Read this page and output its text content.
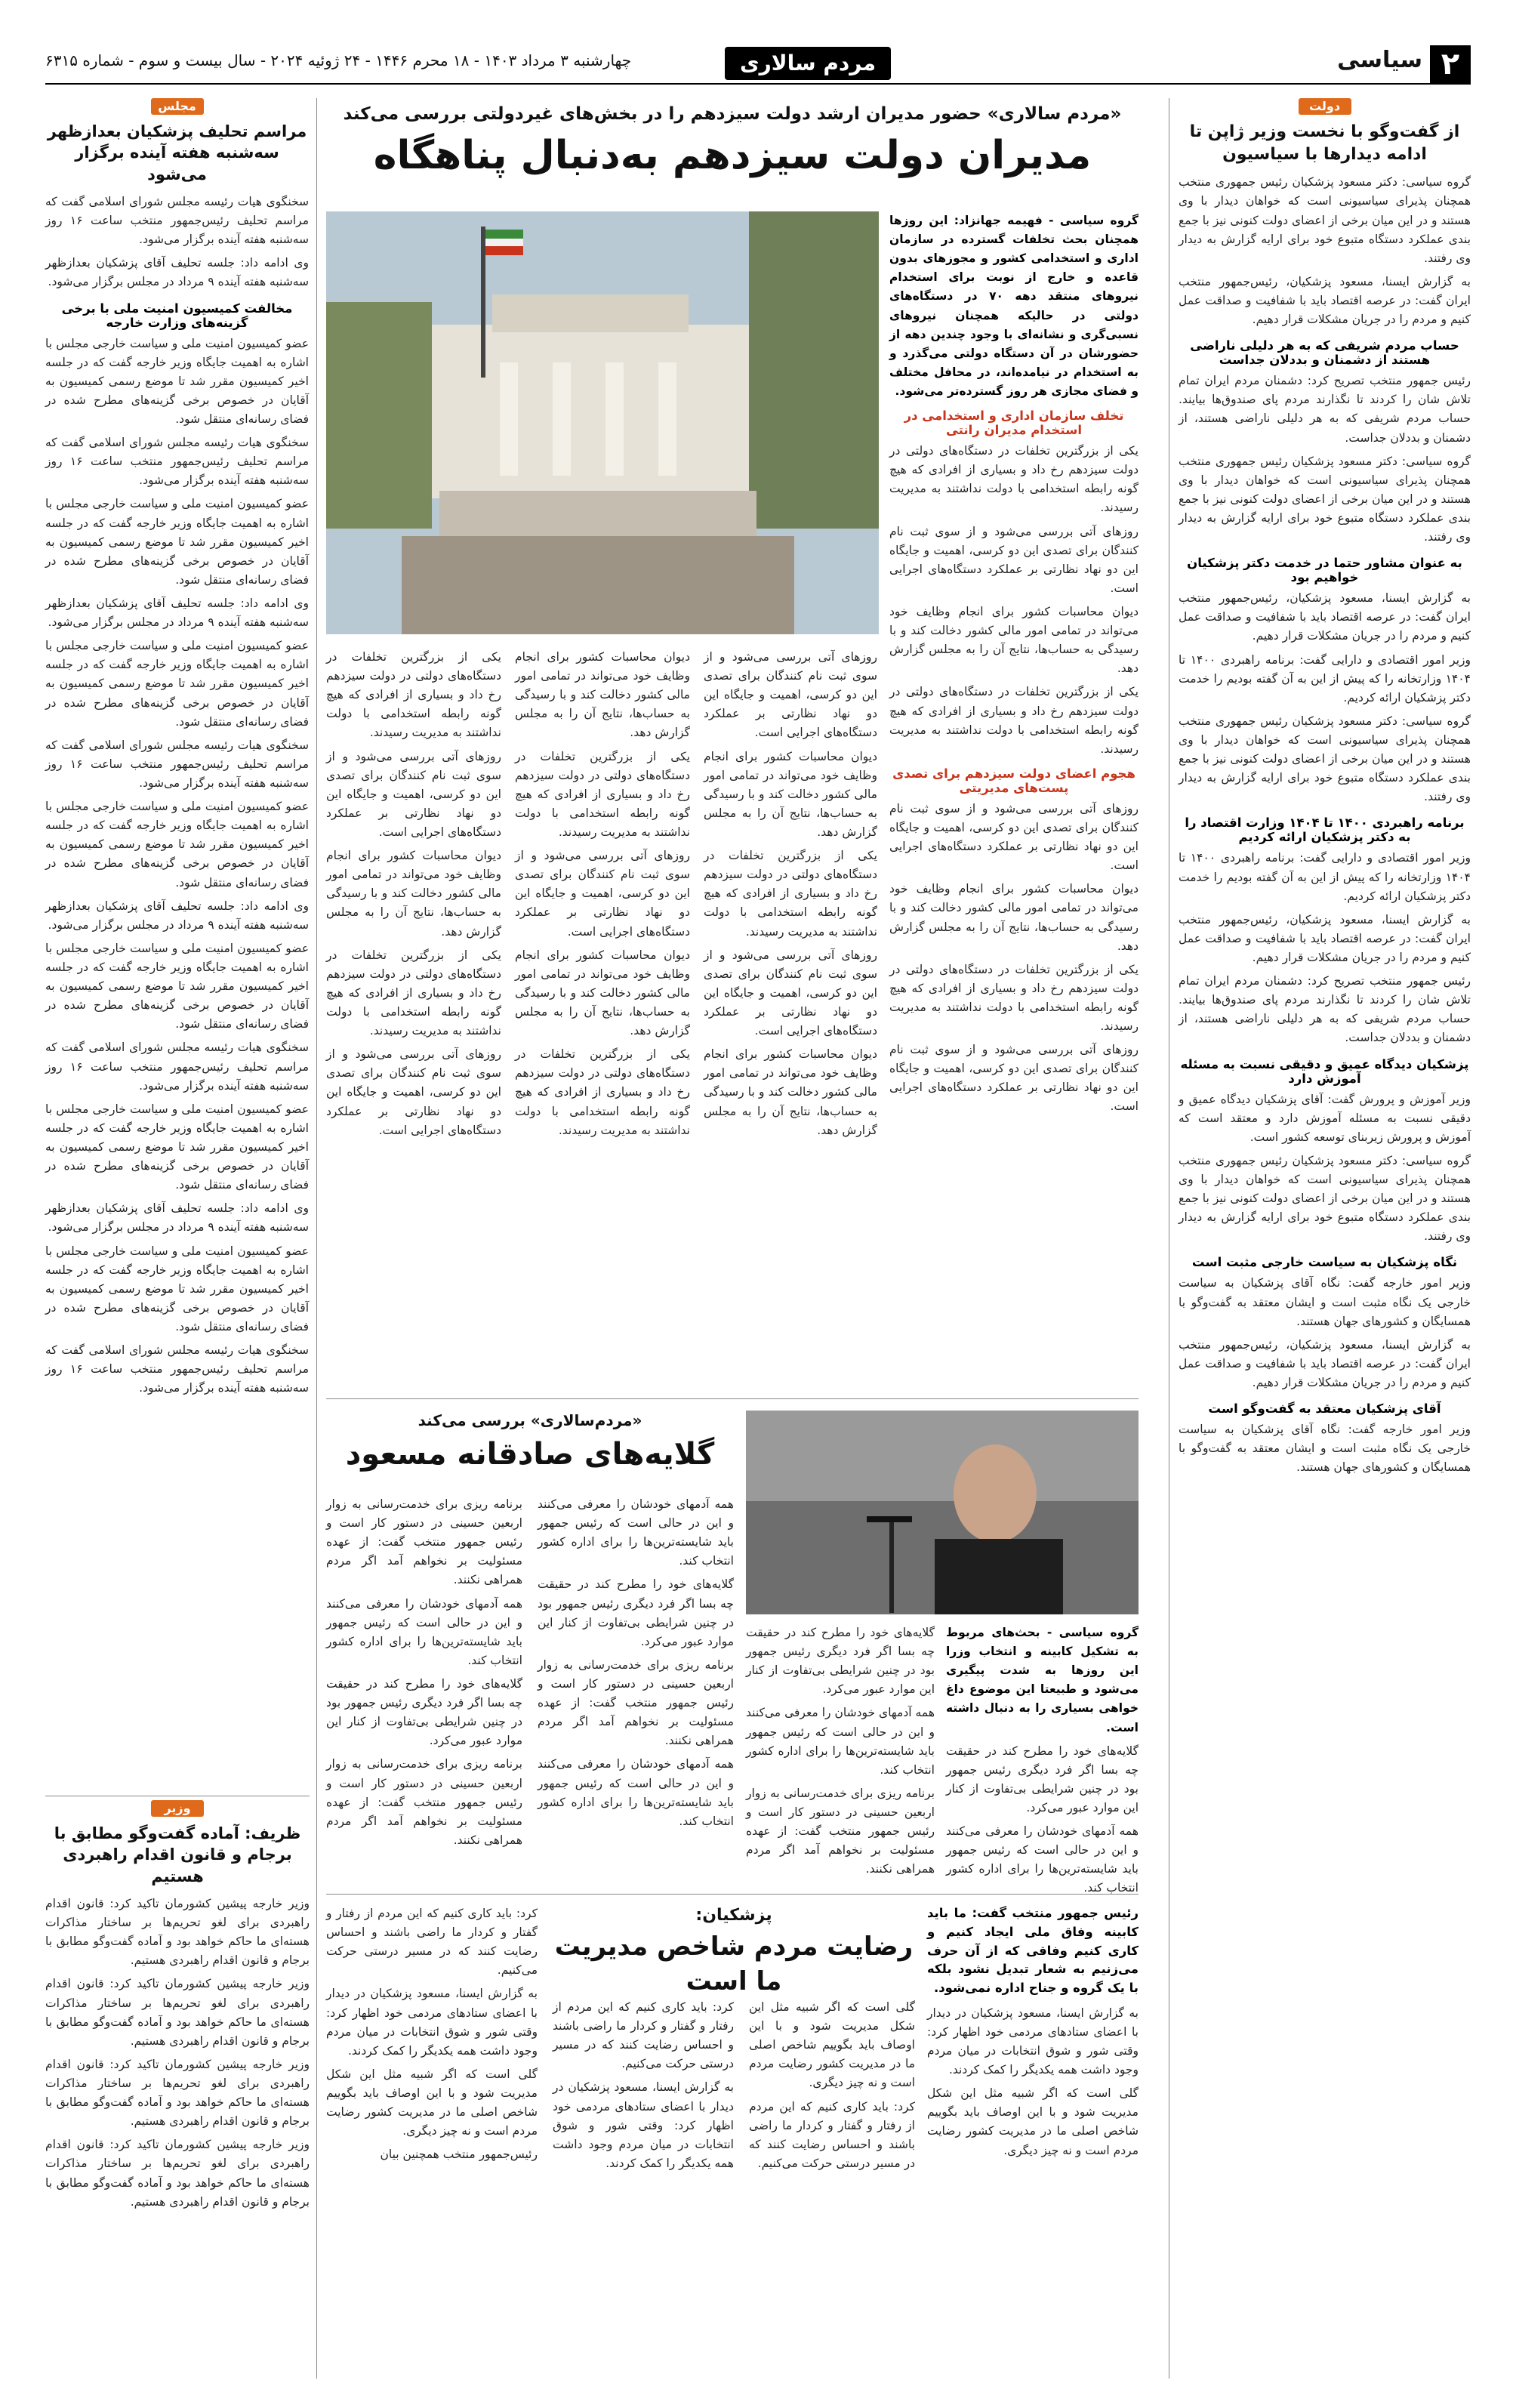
۲
سیاسی
مردم سالاری
چهارشنبه ۳ مرداد ۱۴۰۳ - ۱۸ محرم ۱۴۴۶ - ۲۴ ژوئیه ۲۰۲۴ - سال بیست و سوم - شماره ۶۳۱۵
دولت
از گفت‌وگو با نخست وزیر ژاپن تا ادامه دیدارها با سیاسیون
گروه سیاسی: دکتر مسعود پزشکیان رئیس جمهوری منتخب همچنان پذیرای سیاسیونی است که خواهان دیدار با وی هستند و در این میان برخی از اعضای دولت کنونی نیز با جمع بندی عملکرد دستگاه متبوع خود برای ارایه گزارش به دیدار وی رفتند.
به گزارش ایسنا، مسعود پزشکیان، رئیس‌جمهور منتخب ایران گفت: در عرصه اقتصاد باید با شفافیت و صداقت عمل کنیم و مردم را در جریان مشکلات قرار دهیم.
حساب مردم شریفی که به هر دلیلی ناراضی هستند از دشمنان و بددلان جداست
رئیس جمهور منتخب تصریح کرد: دشمنان مردم ایران تمام تلاش شان را کردند تا نگذارند مردم پای صندوق‌ها بیایند. حساب مردم شریفی که به هر دلیلی ناراضی هستند، از دشمنان و بددلان جداست.
گروه سیاسی: دکتر مسعود پزشکیان رئیس جمهوری منتخب همچنان پذیرای سیاسیونی است که خواهان دیدار با وی هستند و در این میان برخی از اعضای دولت کنونی نیز با جمع بندی عملکرد دستگاه متبوع خود برای ارایه گزارش به دیدار وی رفتند.
به عنوان مشاور حتما در خدمت دکتر پزشکیان خواهیم بود
به گزارش ایسنا، مسعود پزشکیان، رئیس‌جمهور منتخب ایران گفت: در عرصه اقتصاد باید با شفافیت و صداقت عمل کنیم و مردم را در جریان مشکلات قرار دهیم.
وزیر امور اقتصادی و دارایی گفت: برنامه راهبردی ۱۴۰۰ تا ۱۴۰۴ وزارتخانه را که پیش از این به آن گفته بودیم را خدمت دکتر پزشکیان ارائه کردیم.
گروه سیاسی: دکتر مسعود پزشکیان رئیس جمهوری منتخب همچنان پذیرای سیاسیونی است که خواهان دیدار با وی هستند و در این میان برخی از اعضای دولت کنونی نیز با جمع بندی عملکرد دستگاه متبوع خود برای ارایه گزارش به دیدار وی رفتند.
برنامه راهبردی ۱۴۰۰ تا ۱۴۰۴ وزارت اقتصاد را به دکتر پزشکیان ارائه کردیم
وزیر امور اقتصادی و دارایی گفت: برنامه راهبردی ۱۴۰۰ تا ۱۴۰۴ وزارتخانه را که پیش از این به آن گفته بودیم را خدمت دکتر پزشکیان ارائه کردیم.
به گزارش ایسنا، مسعود پزشکیان، رئیس‌جمهور منتخب ایران گفت: در عرصه اقتصاد باید با شفافیت و صداقت عمل کنیم و مردم را در جریان مشکلات قرار دهیم.
رئیس جمهور منتخب تصریح کرد: دشمنان مردم ایران تمام تلاش شان را کردند تا نگذارند مردم پای صندوق‌ها بیایند. حساب مردم شریفی که به هر دلیلی ناراضی هستند، از دشمنان و بددلان جداست.
پزشکیان دیدگاه عمیق و دقیقی نسبت به مسئله آموزش دارد
وزیر آموزش و پرورش گفت: آقای پزشکیان دیدگاه عمیق و دقیقی نسبت به مسئله آموزش دارد و معتقد است که آموزش و پرورش زیربنای توسعه کشور است.
گروه سیاسی: دکتر مسعود پزشکیان رئیس جمهوری منتخب همچنان پذیرای سیاسیونی است که خواهان دیدار با وی هستند و در این میان برخی از اعضای دولت کنونی نیز با جمع بندی عملکرد دستگاه متبوع خود برای ارایه گزارش به دیدار وی رفتند.
نگاه پزشکیان به سیاست خارجی مثبت است
وزیر امور خارجه گفت: نگاه آقای پزشکیان به سیاست خارجی یک نگاه مثبت است و ایشان معتقد به گفت‌وگو با همسایگان و کشورهای جهان هستند.
به گزارش ایسنا، مسعود پزشکیان، رئیس‌جمهور منتخب ایران گفت: در عرصه اقتصاد باید با شفافیت و صداقت عمل کنیم و مردم را در جریان مشکلات قرار دهیم.
آقای پزشکیان معتقد به گفت‌وگو است
وزیر امور خارجه گفت: نگاه آقای پزشکیان به سیاست خارجی یک نگاه مثبت است و ایشان معتقد به گفت‌وگو با همسایگان و کشورهای جهان هستند.
مجلس
مراسم تحلیف پزشکیان بعدازظهر سه‌شنبه هفته آینده برگزار می‌شود
سخنگوی هیات رئیسه مجلس شورای اسلامی گفت که مراسم تحلیف رئیس‌جمهور منتخب ساعت ۱۶ روز سه‌شنبه هفته آینده برگزار می‌شود.
وی ادامه داد: جلسه تحلیف آقای پزشکیان بعدازظهر سه‌شنبه هفته آینده ۹ مرداد در مجلس برگزار می‌شود.
مخالفت کمیسیون امنیت ملی با برخی گزینه‌های وزارت خارجه
عضو کمیسیون امنیت ملی و سیاست خارجی مجلس با اشاره به اهمیت جایگاه وزیر خارجه گفت که در جلسه اخیر کمیسیون مقرر شد تا موضع رسمی کمیسیون به آقایان در خصوص برخی گزینه‌های مطرح شده در فضای رسانه‌ای منتقل شود.
سخنگوی هیات رئیسه مجلس شورای اسلامی گفت که مراسم تحلیف رئیس‌جمهور منتخب ساعت ۱۶ روز سه‌شنبه هفته آینده برگزار می‌شود.
عضو کمیسیون امنیت ملی و سیاست خارجی مجلس با اشاره به اهمیت جایگاه وزیر خارجه گفت که در جلسه اخیر کمیسیون مقرر شد تا موضع رسمی کمیسیون به آقایان در خصوص برخی گزینه‌های مطرح شده در فضای رسانه‌ای منتقل شود.
وی ادامه داد: جلسه تحلیف آقای پزشکیان بعدازظهر سه‌شنبه هفته آینده ۹ مرداد در مجلس برگزار می‌شود.
عضو کمیسیون امنیت ملی و سیاست خارجی مجلس با اشاره به اهمیت جایگاه وزیر خارجه گفت که در جلسه اخیر کمیسیون مقرر شد تا موضع رسمی کمیسیون به آقایان در خصوص برخی گزینه‌های مطرح شده در فضای رسانه‌ای منتقل شود.
سخنگوی هیات رئیسه مجلس شورای اسلامی گفت که مراسم تحلیف رئیس‌جمهور منتخب ساعت ۱۶ روز سه‌شنبه هفته آینده برگزار می‌شود.
عضو کمیسیون امنیت ملی و سیاست خارجی مجلس با اشاره به اهمیت جایگاه وزیر خارجه گفت که در جلسه اخیر کمیسیون مقرر شد تا موضع رسمی کمیسیون به آقایان در خصوص برخی گزینه‌های مطرح شده در فضای رسانه‌ای منتقل شود.
وی ادامه داد: جلسه تحلیف آقای پزشکیان بعدازظهر سه‌شنبه هفته آینده ۹ مرداد در مجلس برگزار می‌شود.
عضو کمیسیون امنیت ملی و سیاست خارجی مجلس با اشاره به اهمیت جایگاه وزیر خارجه گفت که در جلسه اخیر کمیسیون مقرر شد تا موضع رسمی کمیسیون به آقایان در خصوص برخی گزینه‌های مطرح شده در فضای رسانه‌ای منتقل شود.
سخنگوی هیات رئیسه مجلس شورای اسلامی گفت که مراسم تحلیف رئیس‌جمهور منتخب ساعت ۱۶ روز سه‌شنبه هفته آینده برگزار می‌شود.
عضو کمیسیون امنیت ملی و سیاست خارجی مجلس با اشاره به اهمیت جایگاه وزیر خارجه گفت که در جلسه اخیر کمیسیون مقرر شد تا موضع رسمی کمیسیون به آقایان در خصوص برخی گزینه‌های مطرح شده در فضای رسانه‌ای منتقل شود.
وی ادامه داد: جلسه تحلیف آقای پزشکیان بعدازظهر سه‌شنبه هفته آینده ۹ مرداد در مجلس برگزار می‌شود.
عضو کمیسیون امنیت ملی و سیاست خارجی مجلس با اشاره به اهمیت جایگاه وزیر خارجه گفت که در جلسه اخیر کمیسیون مقرر شد تا موضع رسمی کمیسیون به آقایان در خصوص برخی گزینه‌های مطرح شده در فضای رسانه‌ای منتقل شود.
سخنگوی هیات رئیسه مجلس شورای اسلامی گفت که مراسم تحلیف رئیس‌جمهور منتخب ساعت ۱۶ روز سه‌شنبه هفته آینده برگزار می‌شود.
وزیر
ظریف: آماده گفت‌وگو مطابق با برجام و قانون اقدام راهبردی هستیم
وزیر خارجه پیشین کشورمان تاکید کرد: قانون اقدام راهبردی برای لغو تحریم‌ها بر ساختار مذاکرات هسته‌ای ما حاکم خواهد بود و آماده گفت‌وگو مطابق با برجام و قانون اقدام راهبردی هستیم.
وزیر خارجه پیشین کشورمان تاکید کرد: قانون اقدام راهبردی برای لغو تحریم‌ها بر ساختار مذاکرات هسته‌ای ما حاکم خواهد بود و آماده گفت‌وگو مطابق با برجام و قانون اقدام راهبردی هستیم.
وزیر خارجه پیشین کشورمان تاکید کرد: قانون اقدام راهبردی برای لغو تحریم‌ها بر ساختار مذاکرات هسته‌ای ما حاکم خواهد بود و آماده گفت‌وگو مطابق با برجام و قانون اقدام راهبردی هستیم.
وزیر خارجه پیشین کشورمان تاکید کرد: قانون اقدام راهبردی برای لغو تحریم‌ها بر ساختار مذاکرات هسته‌ای ما حاکم خواهد بود و آماده گفت‌وگو مطابق با برجام و قانون اقدام راهبردی هستیم.
«مردم سالاری» حضور مدیران ارشد دولت سیزدهم را در بخش‌های غیردولتی بررسی می‌کند
مدیران دولت سیزدهم به‌دنبال پناهگاه
گروه سیاسی - فهیمه جهانزاد: این روزها همچنان بحث تخلفات گسترده در سازمان اداری و استخدامی کشور و مجوزهای بدون قاعده و خارج از نوبت برای استخدام نیروهای منتقد دهه ۷۰ در دستگاه‌های دولتی در حالیکه همچنان نیروهای نسبی‌گری و نشانه‌ای با وجود چندین دهه از حضورشان در آن دستگاه دولتی می‌گذرد و به استخدام در نیامده‌اند، در محافل مختلف و فضای مجازی هر روز گسترده‌تر می‌شود.
تخلف سازمان اداری و استخدامی در استخدام مدیران رانتی
یکی از بزرگترین تخلفات در دستگاه‌های دولتی در دولت سیزدهم رخ داد و بسیاری از افرادی که هیچ گونه رابطه استخدامی با دولت نداشتند به مدیریت رسیدند.
روزهای آتی بررسی می‌شود و از سوی ثبت نام کنندگان برای تصدی این دو کرسی، اهمیت و جایگاه این دو نهاد نظارتی بر عملکرد دستگاه‌های اجرایی است.
دیوان محاسبات کشور برای انجام وظایف خود می‌تواند در تمامی امور مالی کشور دخالت کند و با رسیدگی به حساب‌ها، نتایج آن را به مجلس گزارش دهد.
یکی از بزرگترین تخلفات در دستگاه‌های دولتی در دولت سیزدهم رخ داد و بسیاری از افرادی که هیچ گونه رابطه استخدامی با دولت نداشتند به مدیریت رسیدند.
هجوم اعضای دولت سیزدهم برای تصدی پست‌های مدیریتی
روزهای آتی بررسی می‌شود و از سوی ثبت نام کنندگان برای تصدی این دو کرسی، اهمیت و جایگاه این دو نهاد نظارتی بر عملکرد دستگاه‌های اجرایی است.
دیوان محاسبات کشور برای انجام وظایف خود می‌تواند در تمامی امور مالی کشور دخالت کند و با رسیدگی به حساب‌ها، نتایج آن را به مجلس گزارش دهد.
یکی از بزرگترین تخلفات در دستگاه‌های دولتی در دولت سیزدهم رخ داد و بسیاری از افرادی که هیچ گونه رابطه استخدامی با دولت نداشتند به مدیریت رسیدند.
روزهای آتی بررسی می‌شود و از سوی ثبت نام کنندگان برای تصدی این دو کرسی، اهمیت و جایگاه این دو نهاد نظارتی بر عملکرد دستگاه‌های اجرایی است.
روزهای آتی بررسی می‌شود و از سوی ثبت نام کنندگان برای تصدی این دو کرسی، اهمیت و جایگاه این دو نهاد نظارتی بر عملکرد دستگاه‌های اجرایی است.
دیوان محاسبات کشور برای انجام وظایف خود می‌تواند در تمامی امور مالی کشور دخالت کند و با رسیدگی به حساب‌ها، نتایج آن را به مجلس گزارش دهد.
یکی از بزرگترین تخلفات در دستگاه‌های دولتی در دولت سیزدهم رخ داد و بسیاری از افرادی که هیچ گونه رابطه استخدامی با دولت نداشتند به مدیریت رسیدند.
روزهای آتی بررسی می‌شود و از سوی ثبت نام کنندگان برای تصدی این دو کرسی، اهمیت و جایگاه این دو نهاد نظارتی بر عملکرد دستگاه‌های اجرایی است.
دیوان محاسبات کشور برای انجام وظایف خود می‌تواند در تمامی امور مالی کشور دخالت کند و با رسیدگی به حساب‌ها، نتایج آن را به مجلس گزارش دهد.
دیوان محاسبات کشور برای انجام وظایف خود می‌تواند در تمامی امور مالی کشور دخالت کند و با رسیدگی به حساب‌ها، نتایج آن را به مجلس گزارش دهد.
یکی از بزرگترین تخلفات در دستگاه‌های دولتی در دولت سیزدهم رخ داد و بسیاری از افرادی که هیچ گونه رابطه استخدامی با دولت نداشتند به مدیریت رسیدند.
روزهای آتی بررسی می‌شود و از سوی ثبت نام کنندگان برای تصدی این دو کرسی، اهمیت و جایگاه این دو نهاد نظارتی بر عملکرد دستگاه‌های اجرایی است.
دیوان محاسبات کشور برای انجام وظایف خود می‌تواند در تمامی امور مالی کشور دخالت کند و با رسیدگی به حساب‌ها، نتایج آن را به مجلس گزارش دهد.
یکی از بزرگترین تخلفات در دستگاه‌های دولتی در دولت سیزدهم رخ داد و بسیاری از افرادی که هیچ گونه رابطه استخدامی با دولت نداشتند به مدیریت رسیدند.
یکی از بزرگترین تخلفات در دستگاه‌های دولتی در دولت سیزدهم رخ داد و بسیاری از افرادی که هیچ گونه رابطه استخدامی با دولت نداشتند به مدیریت رسیدند.
روزهای آتی بررسی می‌شود و از سوی ثبت نام کنندگان برای تصدی این دو کرسی، اهمیت و جایگاه این دو نهاد نظارتی بر عملکرد دستگاه‌های اجرایی است.
دیوان محاسبات کشور برای انجام وظایف خود می‌تواند در تمامی امور مالی کشور دخالت کند و با رسیدگی به حساب‌ها، نتایج آن را به مجلس گزارش دهد.
یکی از بزرگترین تخلفات در دستگاه‌های دولتی در دولت سیزدهم رخ داد و بسیاری از افرادی که هیچ گونه رابطه استخدامی با دولت نداشتند به مدیریت رسیدند.
روزهای آتی بررسی می‌شود و از سوی ثبت نام کنندگان برای تصدی این دو کرسی، اهمیت و جایگاه این دو نهاد نظارتی بر عملکرد دستگاه‌های اجرایی است.
«مردم‌سالاری» بررسی می‌کند
گلایه‌های صادقانه مسعود
برنامه ریزی برای خدمت‌رسانی به زوار اربعین حسینی در دستور کار است و رئیس جمهور منتخب گفت: از عهده مسئولیت بر نخواهم آمد اگر مردم همراهی نکنند.
همه آدمهای خودشان را معرفی می‌کنند و این در حالی است که رئیس جمهور باید شایسته‌ترین‌ها را برای اداره کشور انتخاب کند.
گلایه‌های خود را مطرح کند در حقیقت چه بسا اگر فرد دیگری رئیس جمهور بود در چنین شرایطی بی‌تفاوت از کنار این موارد عبور می‌کرد.
برنامه ریزی برای خدمت‌رسانی به زوار اربعین حسینی در دستور کار است و رئیس جمهور منتخب گفت: از عهده مسئولیت بر نخواهم آمد اگر مردم همراهی نکنند.
همه آدمهای خودشان را معرفی می‌کنند و این در حالی است که رئیس جمهور باید شایسته‌ترین‌ها را برای اداره کشور انتخاب کند.
گلایه‌های خود را مطرح کند در حقیقت چه بسا اگر فرد دیگری رئیس جمهور بود در چنین شرایطی بی‌تفاوت از کنار این موارد عبور می‌کرد.
برنامه ریزی برای خدمت‌رسانی به زوار اربعین حسینی در دستور کار است و رئیس جمهور منتخب گفت: از عهده مسئولیت بر نخواهم آمد اگر مردم همراهی نکنند.
همه آدمهای خودشان را معرفی می‌کنند و این در حالی است که رئیس جمهور باید شایسته‌ترین‌ها را برای اداره کشور انتخاب کند.
گلایه‌های خود را مطرح کند در حقیقت چه بسا اگر فرد دیگری رئیس جمهور بود در چنین شرایطی بی‌تفاوت از کنار این موارد عبور می‌کرد.
همه آدمهای خودشان را معرفی می‌کنند و این در حالی است که رئیس جمهور باید شایسته‌ترین‌ها را برای اداره کشور انتخاب کند.
برنامه ریزی برای خدمت‌رسانی به زوار اربعین حسینی در دستور کار است و رئیس جمهور منتخب گفت: از عهده مسئولیت بر نخواهم آمد اگر مردم همراهی نکنند.
گروه سیاسی - بحث‌های مربوط به تشکیل کابینه و انتخاب وزرا این روزها به شدت پیگیری می‌شود و طبیعتا این موضوع داغ خواهی بسیاری را به دنبال داشته است.
گلایه‌های خود را مطرح کند در حقیقت چه بسا اگر فرد دیگری رئیس جمهور بود در چنین شرایطی بی‌تفاوت از کنار این موارد عبور می‌کرد.
همه آدمهای خودشان را معرفی می‌کنند و این در حالی است که رئیس جمهور باید شایسته‌ترین‌ها را برای اداره کشور انتخاب کند.
رئیس جمهور منتخب گفت: ما باید کابینه وفاق ملی ایجاد کنیم و کاری کنیم وفاقی که از آن حرف می‌زنیم به شعار تبدیل نشود بلکه با یک گروه و جناح اداره نمی‌شود.
به گزارش ایسنا، مسعود پزشکیان در دیدار با اعضای ستادهای مردمی خود اظهار کرد: وقتی شور و شوق انتخابات در میان مردم وجود داشت همه یکدیگر را کمک کردند.
گلی است که اگر شبیه مثل این شکل مدیریت شود و با این اوصاف باید بگوییم شاخص اصلی ما در مدیریت کشور رضایت مردم است و نه چیز دیگری.
پزشکیان:
رضایت مردم شاخص مدیریت ما است
گلی است که اگر شبیه مثل این شکل مدیریت شود و با این اوصاف باید بگوییم شاخص اصلی ما در مدیریت کشور رضایت مردم است و نه چیز دیگری.
کرد: باید کاری کنیم که این مردم از رفتار و گفتار و کردار ما راضی باشند و احساس رضایت کنند که در مسیر درستی حرکت می‌کنیم.
کرد: باید کاری کنیم که این مردم از رفتار و گفتار و کردار ما راضی باشند و احساس رضایت کنند که در مسیر درستی حرکت می‌کنیم.
به گزارش ایسنا، مسعود پزشکیان در دیدار با اعضای ستادهای مردمی خود اظهار کرد: وقتی شور و شوق انتخابات در میان مردم وجود داشت همه یکدیگر را کمک کردند.
کرد: باید کاری کنیم که این مردم از رفتار و گفتار و کردار ما راضی باشند و احساس رضایت کنند که در مسیر درستی حرکت می‌کنیم.
به گزارش ایسنا، مسعود پزشکیان در دیدار با اعضای ستادهای مردمی خود اظهار کرد: وقتی شور و شوق انتخابات در میان مردم وجود داشت همه یکدیگر را کمک کردند.
گلی است که اگر شبیه مثل این شکل مدیریت شود و با این اوصاف باید بگوییم شاخص اصلی ما در مدیریت کشور رضایت مردم است و نه چیز دیگری.
رئیس‌جمهور منتخب همچنین بیان
